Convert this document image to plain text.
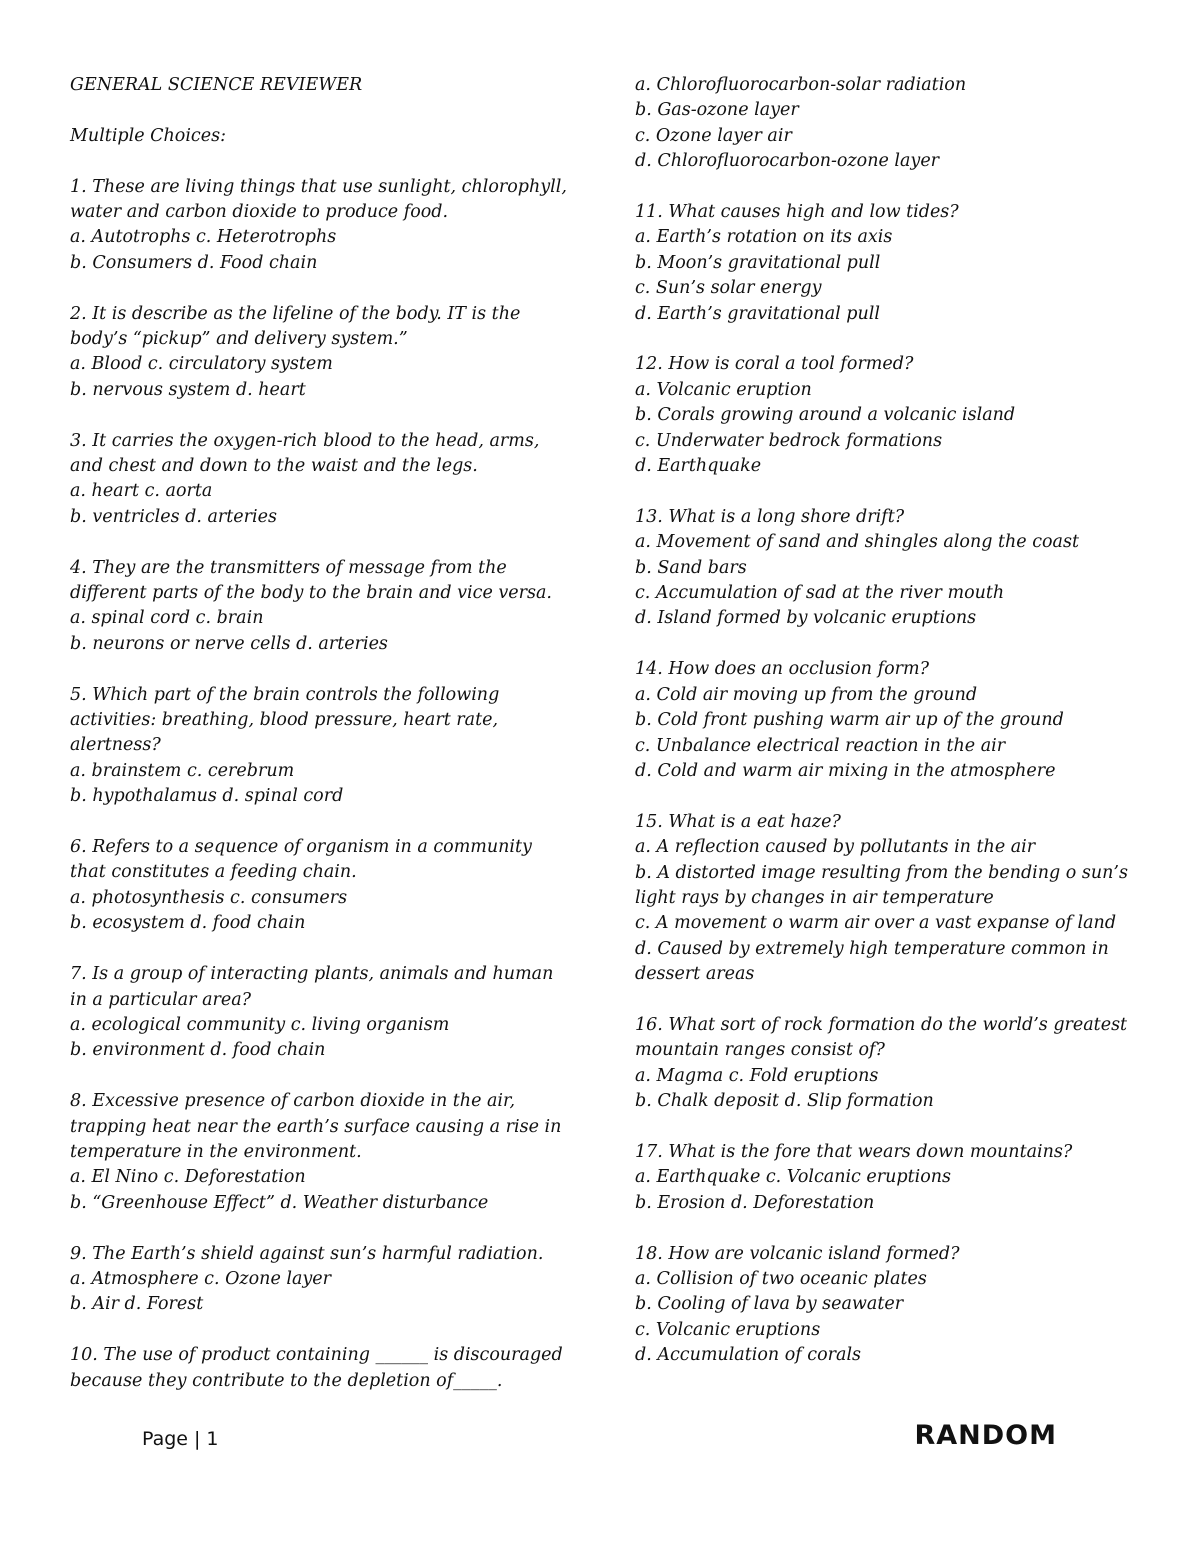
GENERAL SCIENCE REVIEWER
Multiple Choices:
1. These are living things that use sunlight, chlorophyll,
water and carbon dioxide to produce food.
a. Autotrophs c. Heterotrophs
b. Consumers d. Food chain
2. It is describe as the lifeline of the body. IT is the
body’s “pickup” and delivery system.”
a. Blood c. circulatory system
b. nervous system d. heart
3. It carries the oxygen-rich blood to the head, arms,
and chest and down to the waist and the legs.
a. heart c. aorta
b. ventricles d. arteries
4. They are the transmitters of message from the
different parts of the body to the brain and vice versa.
a. spinal cord c. brain
b. neurons or nerve cells d. arteries
5. Which part of the brain controls the following
activities: breathing, blood pressure, heart rate,
alertness?
a. brainstem c. cerebrum
b. hypothalamus d. spinal cord
6. Refers to a sequence of organism in a community
that constitutes a feeding chain.
a. photosynthesis c. consumers
b. ecosystem d. food chain
7. Is a group of interacting plants, animals and human
in a particular area?
a. ecological community c. living organism
b. environment d. food chain
8. Excessive presence of carbon dioxide in the air,
trapping heat near the earth’s surface causing a rise in
temperature in the environment.
a. El Nino c. Deforestation
b. “Greenhouse Effect” d. Weather disturbance
9. The Earth’s shield against sun’s harmful radiation.
a. Atmosphere c. Ozone layer
b. Air d. Forest
10. The use of product containing ______ is discouraged
because they contribute to the depletion of_____.
a. Chlorofluorocarbon-solar radiation
b. Gas-ozone layer
c. Ozone layer air
d. Chlorofluorocarbon-ozone layer
11. What causes high and low tides?
a. Earth’s rotation on its axis
b. Moon’s gravitational pull
c. Sun’s solar energy
d. Earth’s gravitational pull
12. How is coral a tool formed?
a. Volcanic eruption
b. Corals growing around a volcanic island
c. Underwater bedrock formations
d. Earthquake
13. What is a long shore drift?
a. Movement of sand and shingles along the coast
b. Sand bars
c. Accumulation of sad at the river mouth
d. Island formed by volcanic eruptions
14. How does an occlusion form?
a. Cold air moving up from the ground
b. Cold front pushing warm air up of the ground
c. Unbalance electrical reaction in the air
d. Cold and warm air mixing in the atmosphere
15. What is a eat haze?
a. A reflection caused by pollutants in the air
b. A distorted image resulting from the bending o sun’s
light rays by changes in air temperature
c. A movement o warm air over a vast expanse of land
d. Caused by extremely high temperature common in
dessert areas
16. What sort of rock formation do the world’s greatest
mountain ranges consist of?
a. Magma c. Fold eruptions
b. Chalk deposit d. Slip formation
17. What is the fore that wears down mountains?
a. Earthquake c. Volcanic eruptions
b. Erosion d. Deforestation
18. How are volcanic island formed?
a. Collision of two oceanic plates
b. Cooling of lava by seawater
c. Volcanic eruptions
d. Accumulation of corals
Page | 1	RANDOM
